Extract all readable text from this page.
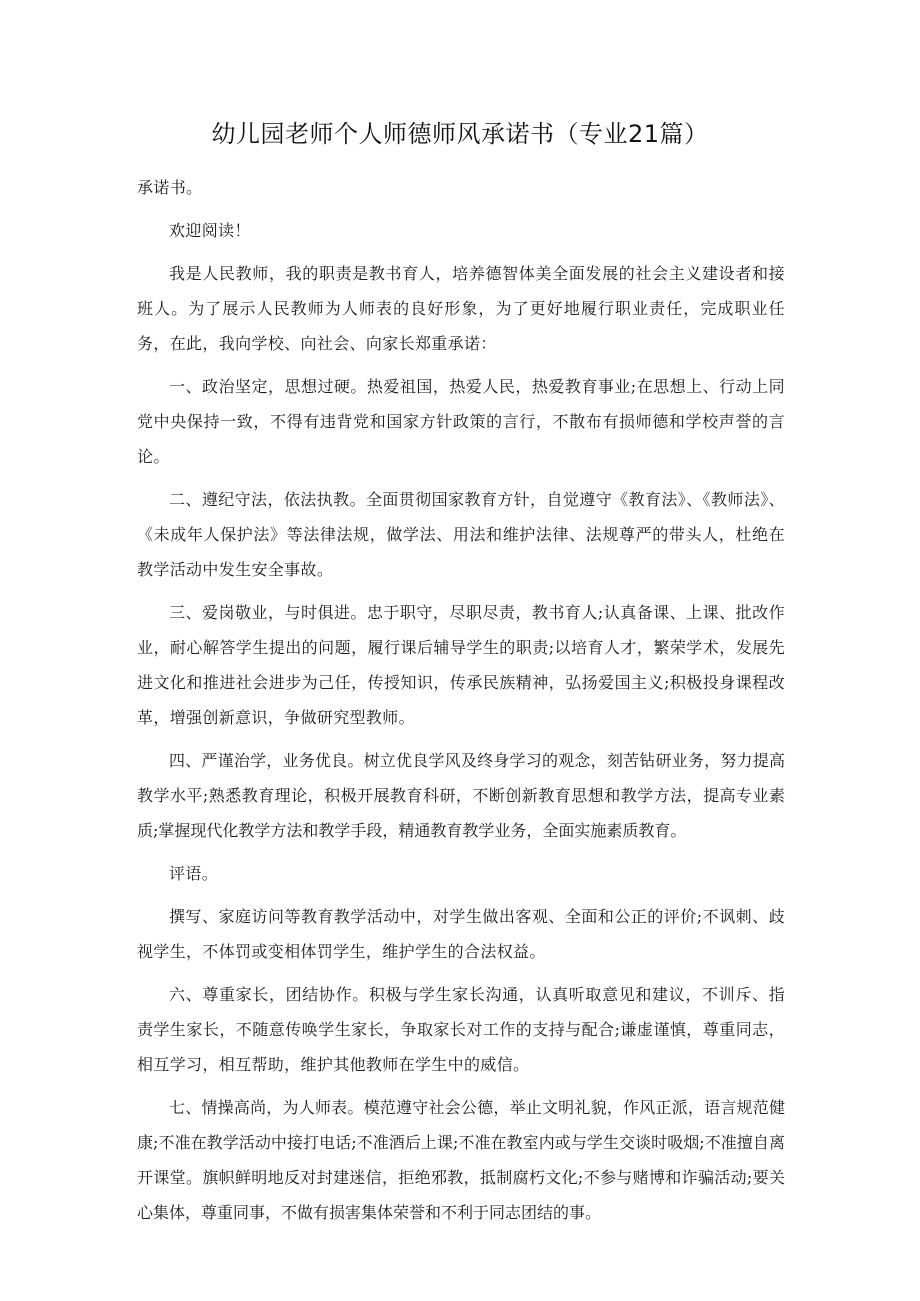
幼儿园老师个人师德师风承诺书（专业21篇）

承诺书。

欢迎阅读！

我是人民教师，我的职责是教书育人，培养德智体美全面发展的社会主义建设者和接班人。为了展示人民教师为人师表的良好形象，为了更好地履行职业责任，完成职业任务，在此，我向学校、向社会、向家长郑重承诺：

一、政治坚定，思想过硬。热爱祖国，热爱人民，热爱教育事业;在思想上、行动上同党中央保持一致，不得有违背党和国家方针政策的言行，不散布有损师德和学校声誉的言论。

二、遵纪守法，依法执教。全面贯彻国家教育方针，自觉遵守《教育法》、《教师法》、《未成年人保护法》等法律法规，做学法、用法和维护法律、法规尊严的带头人，杜绝在教学活动中发生安全事故。

三、爱岗敬业，与时俱进。忠于职守，尽职尽责，教书育人;认真备课、上课、批改作业，耐心解答学生提出的问题，履行课后辅导学生的职责;以培育人才，繁荣学术，发展先进文化和推进社会进步为己任，传授知识，传承民族精神，弘扬爱国主义;积极投身课程改革，增强创新意识，争做研究型教师。

四、严谨治学，业务优良。树立优良学风及终身学习的观念，刻苦钻研业务，努力提高教学水平;熟悉教育理论，积极开展教育科研，不断创新教育思想和教学方法，提高专业素质;掌握现代化教学方法和教学手段，精通教育教学业务，全面实施素质教育。

评语。

撰写、家庭访问等教育教学活动中，对学生做出客观、全面和公正的评价;不讽刺、歧视学生，不体罚或变相体罚学生，维护学生的合法权益。

六、尊重家长，团结协作。积极与学生家长沟通，认真听取意见和建议，不训斥、指责学生家长，不随意传唤学生家长，争取家长对工作的支持与配合;谦虚谨慎，尊重同志，相互学习，相互帮助，维护其他教师在学生中的威信。

七、情操高尚，为人师表。模范遵守社会公德，举止文明礼貌，作风正派，语言规范健康;不准在教学活动中接打电话;不准酒后上课;不准在教室内或与学生交谈时吸烟;不准擅自离开课堂。旗帜鲜明地反对封建迷信，拒绝邪教，抵制腐朽文化;不参与赌博和诈骗活动;要关心集体，尊重同事，不做有损害集体荣誉和不利于同志团结的事。
